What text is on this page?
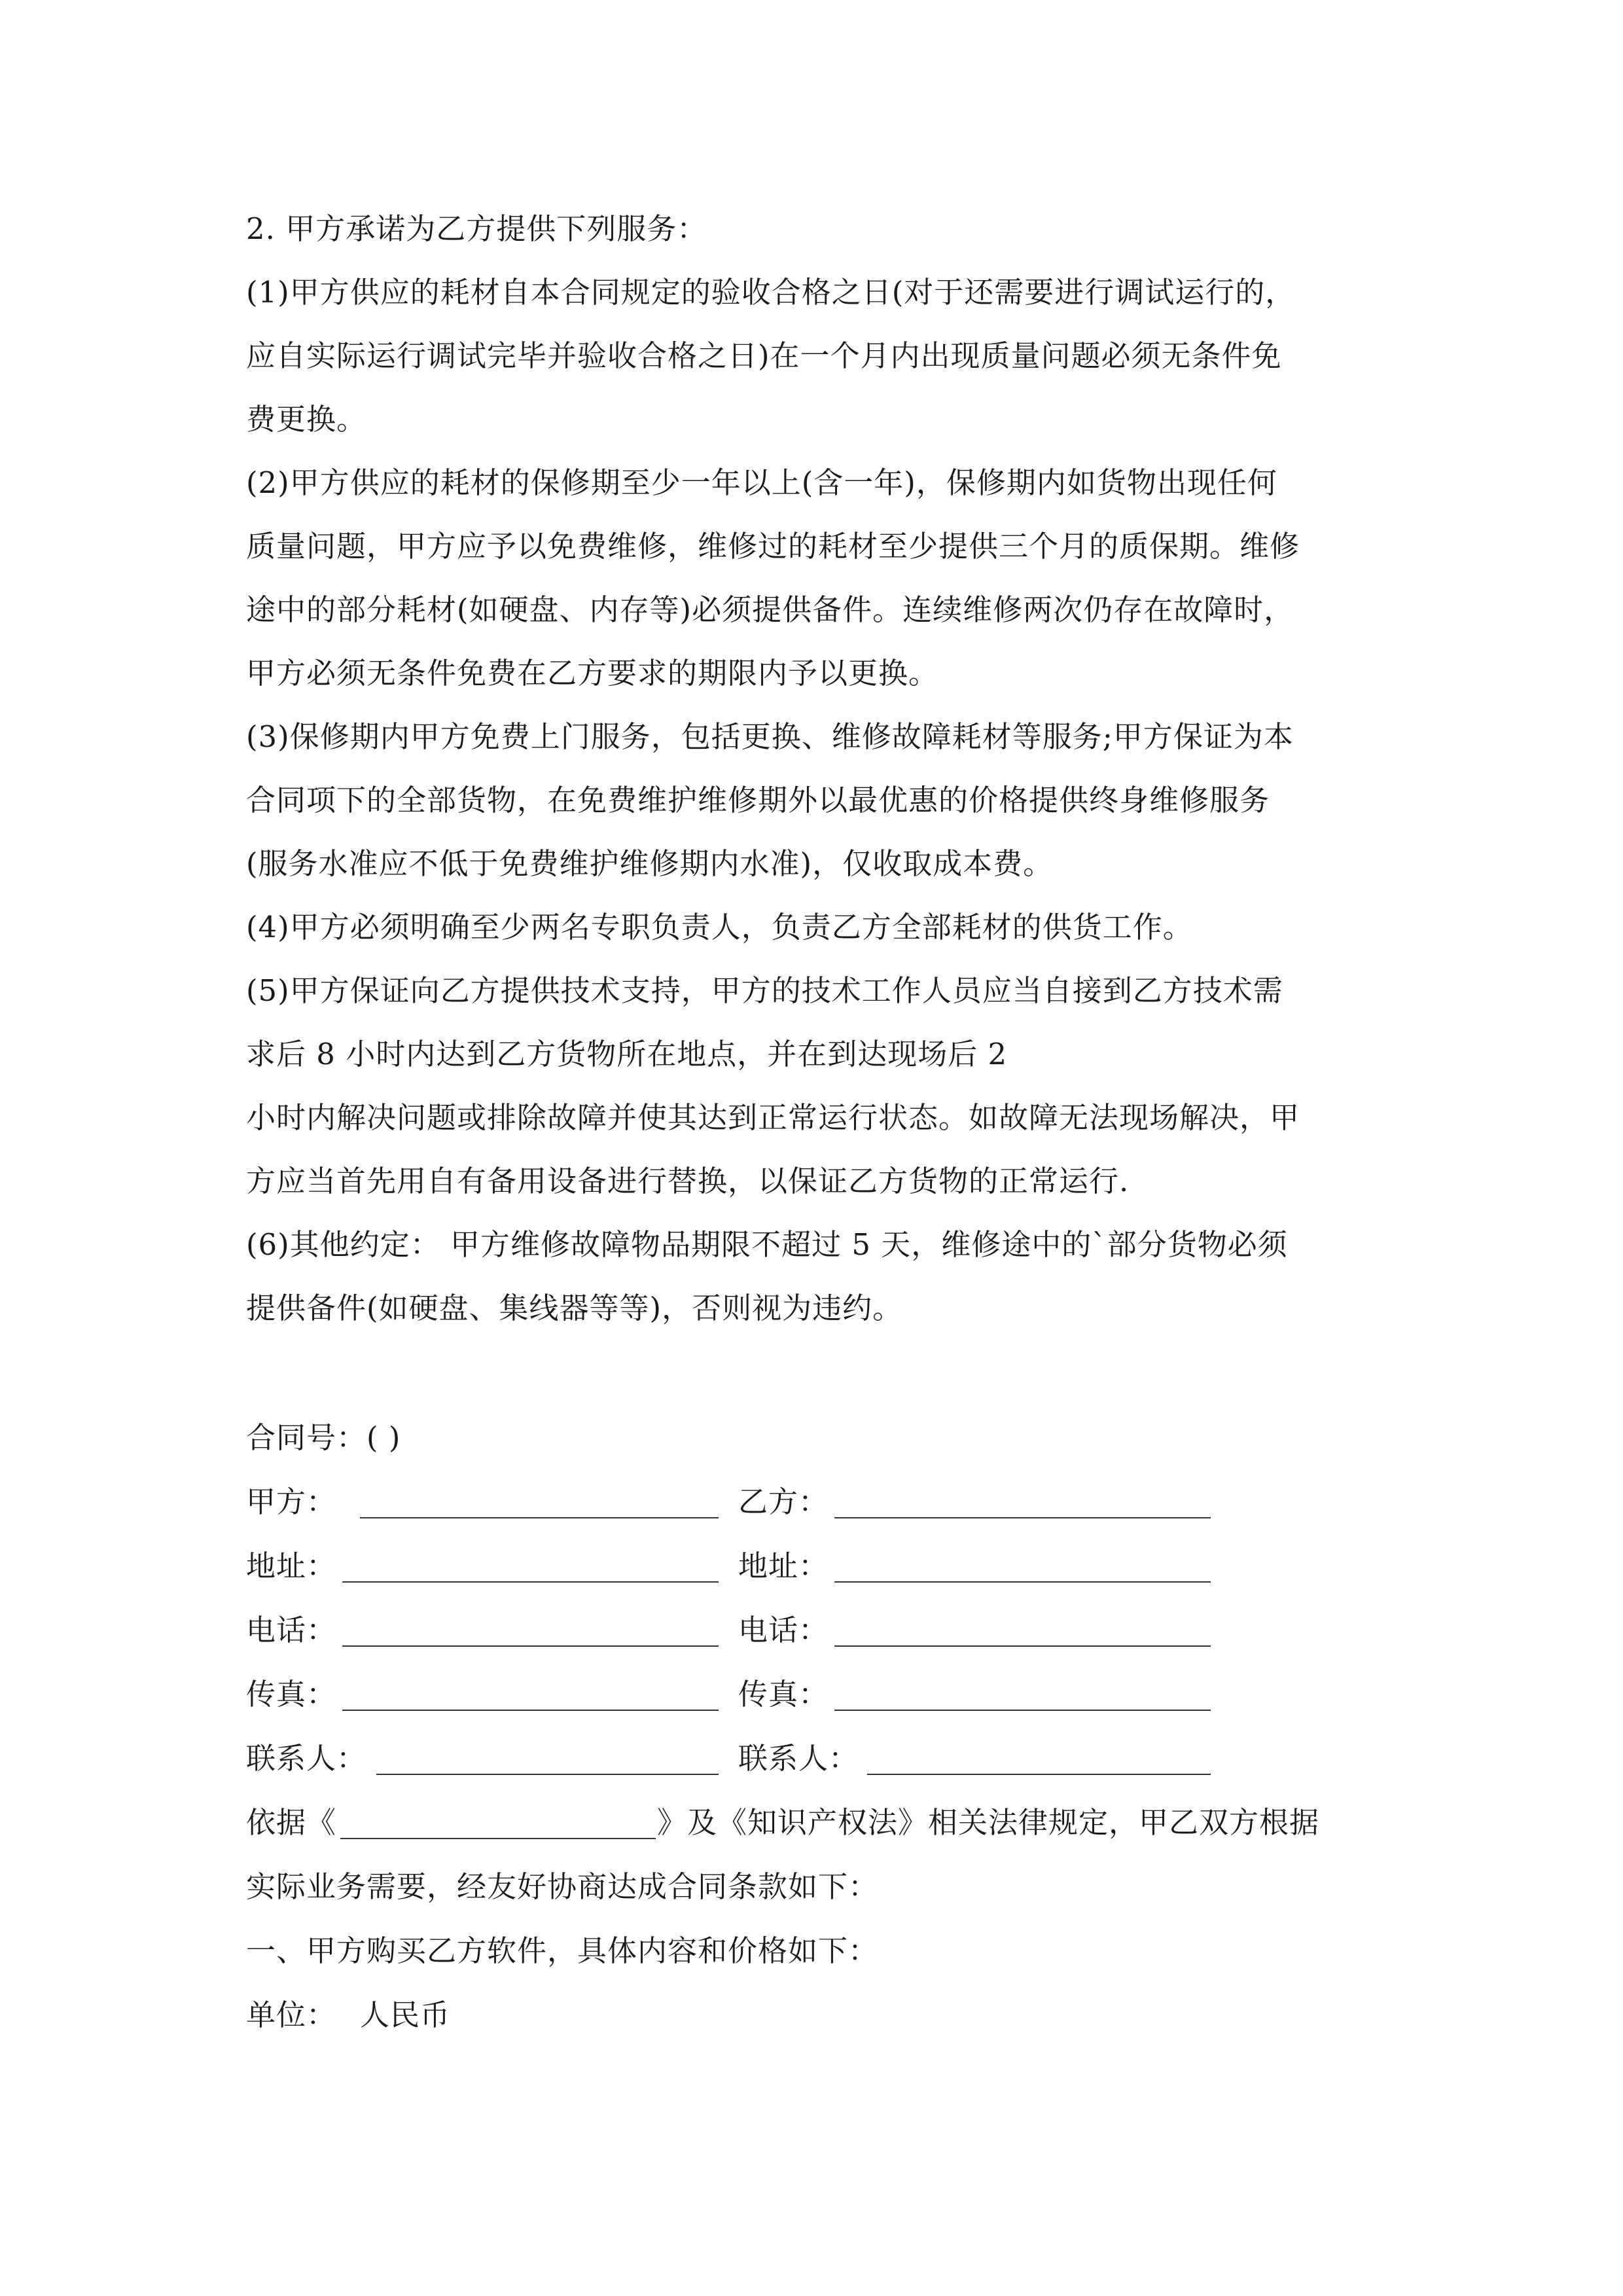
2. 甲方承诺为乙方提供下列服务：
(1)甲方供应的耗材自本合同规定的验收合格之日(对于还需要进行调试运行的，
应自实际运行调试完毕并验收合格之日)在一个月内出现质量问题必须无条件免
费更换。
(2)甲方供应的耗材的保修期至少一年以上(含一年)，保修期内如货物出现任何
质量问题，甲方应予以免费维修，维修过的耗材至少提供三个月的质保期。维修
途中的部分耗材(如硬盘、内存等)必须提供备件。连续维修两次仍存在故障时，
甲方必须无条件免费在乙方要求的期限内予以更换。
(3)保修期内甲方免费上门服务，包括更换、维修故障耗材等服务;甲方保证为本
合同项下的全部货物，在免费维护维修期外以最优惠的价格提供终身维修服务
(服务水准应不低于免费维护维修期内水准)，仅收取成本费。
(4)甲方必须明确至少两名专职负责人，负责乙方全部耗材的供货工作。
(5)甲方保证向乙方提供技术支持，甲方的技术工作人员应当自接到乙方技术需
求后 8 小时内达到乙方货物所在地点，并在到达现场后 2
小时内解决问题或排除故障并使其达到正常运行状态。如故障无法现场解决，甲
方应当首先用自有备用设备进行替换，以保证乙方货物的正常运行.
(6)其他约定： 甲方维修故障物品期限不超过 5 天，维修途中的`部分货物必须
提供备件(如硬盘、集线器等等)，否则视为违约。
合同号：( )
甲方：	乙方：
地址：	地址：
电话：	电话：
传真：	传真：
联系人：	联系人：
依据《	》及《知识产权法》相关法律规定，甲乙双方根据
实际业务需要，经友好协商达成合同条款如下：
一、甲方购买乙方软件，具体内容和价格如下：
单位： 人民币
